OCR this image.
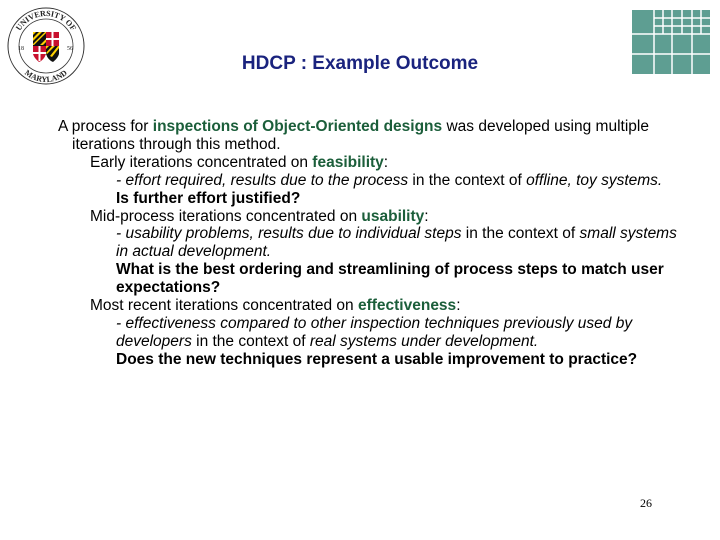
UNIVERSITY OF
MARYLAND
18	56
HDCP : Example Outcome
A process for inspections of Object-Oriented designs was developed using multiple iterations through this method.
Early iterations concentrated on feasibility:
- effort required, results due to the process in the context of offline, toy systems.
Is further effort justified?
Mid-process iterations concentrated on usability:
- usability problems, results due to individual steps in the context of small systems in actual development.
What is the best ordering and streamlining of process steps to match user expectations?
Most recent iterations concentrated on effectiveness:
- effectiveness compared to other inspection techniques previously used by developers in the context of real systems under development.
Does the new techniques represent a usable improvement to practice?
26
